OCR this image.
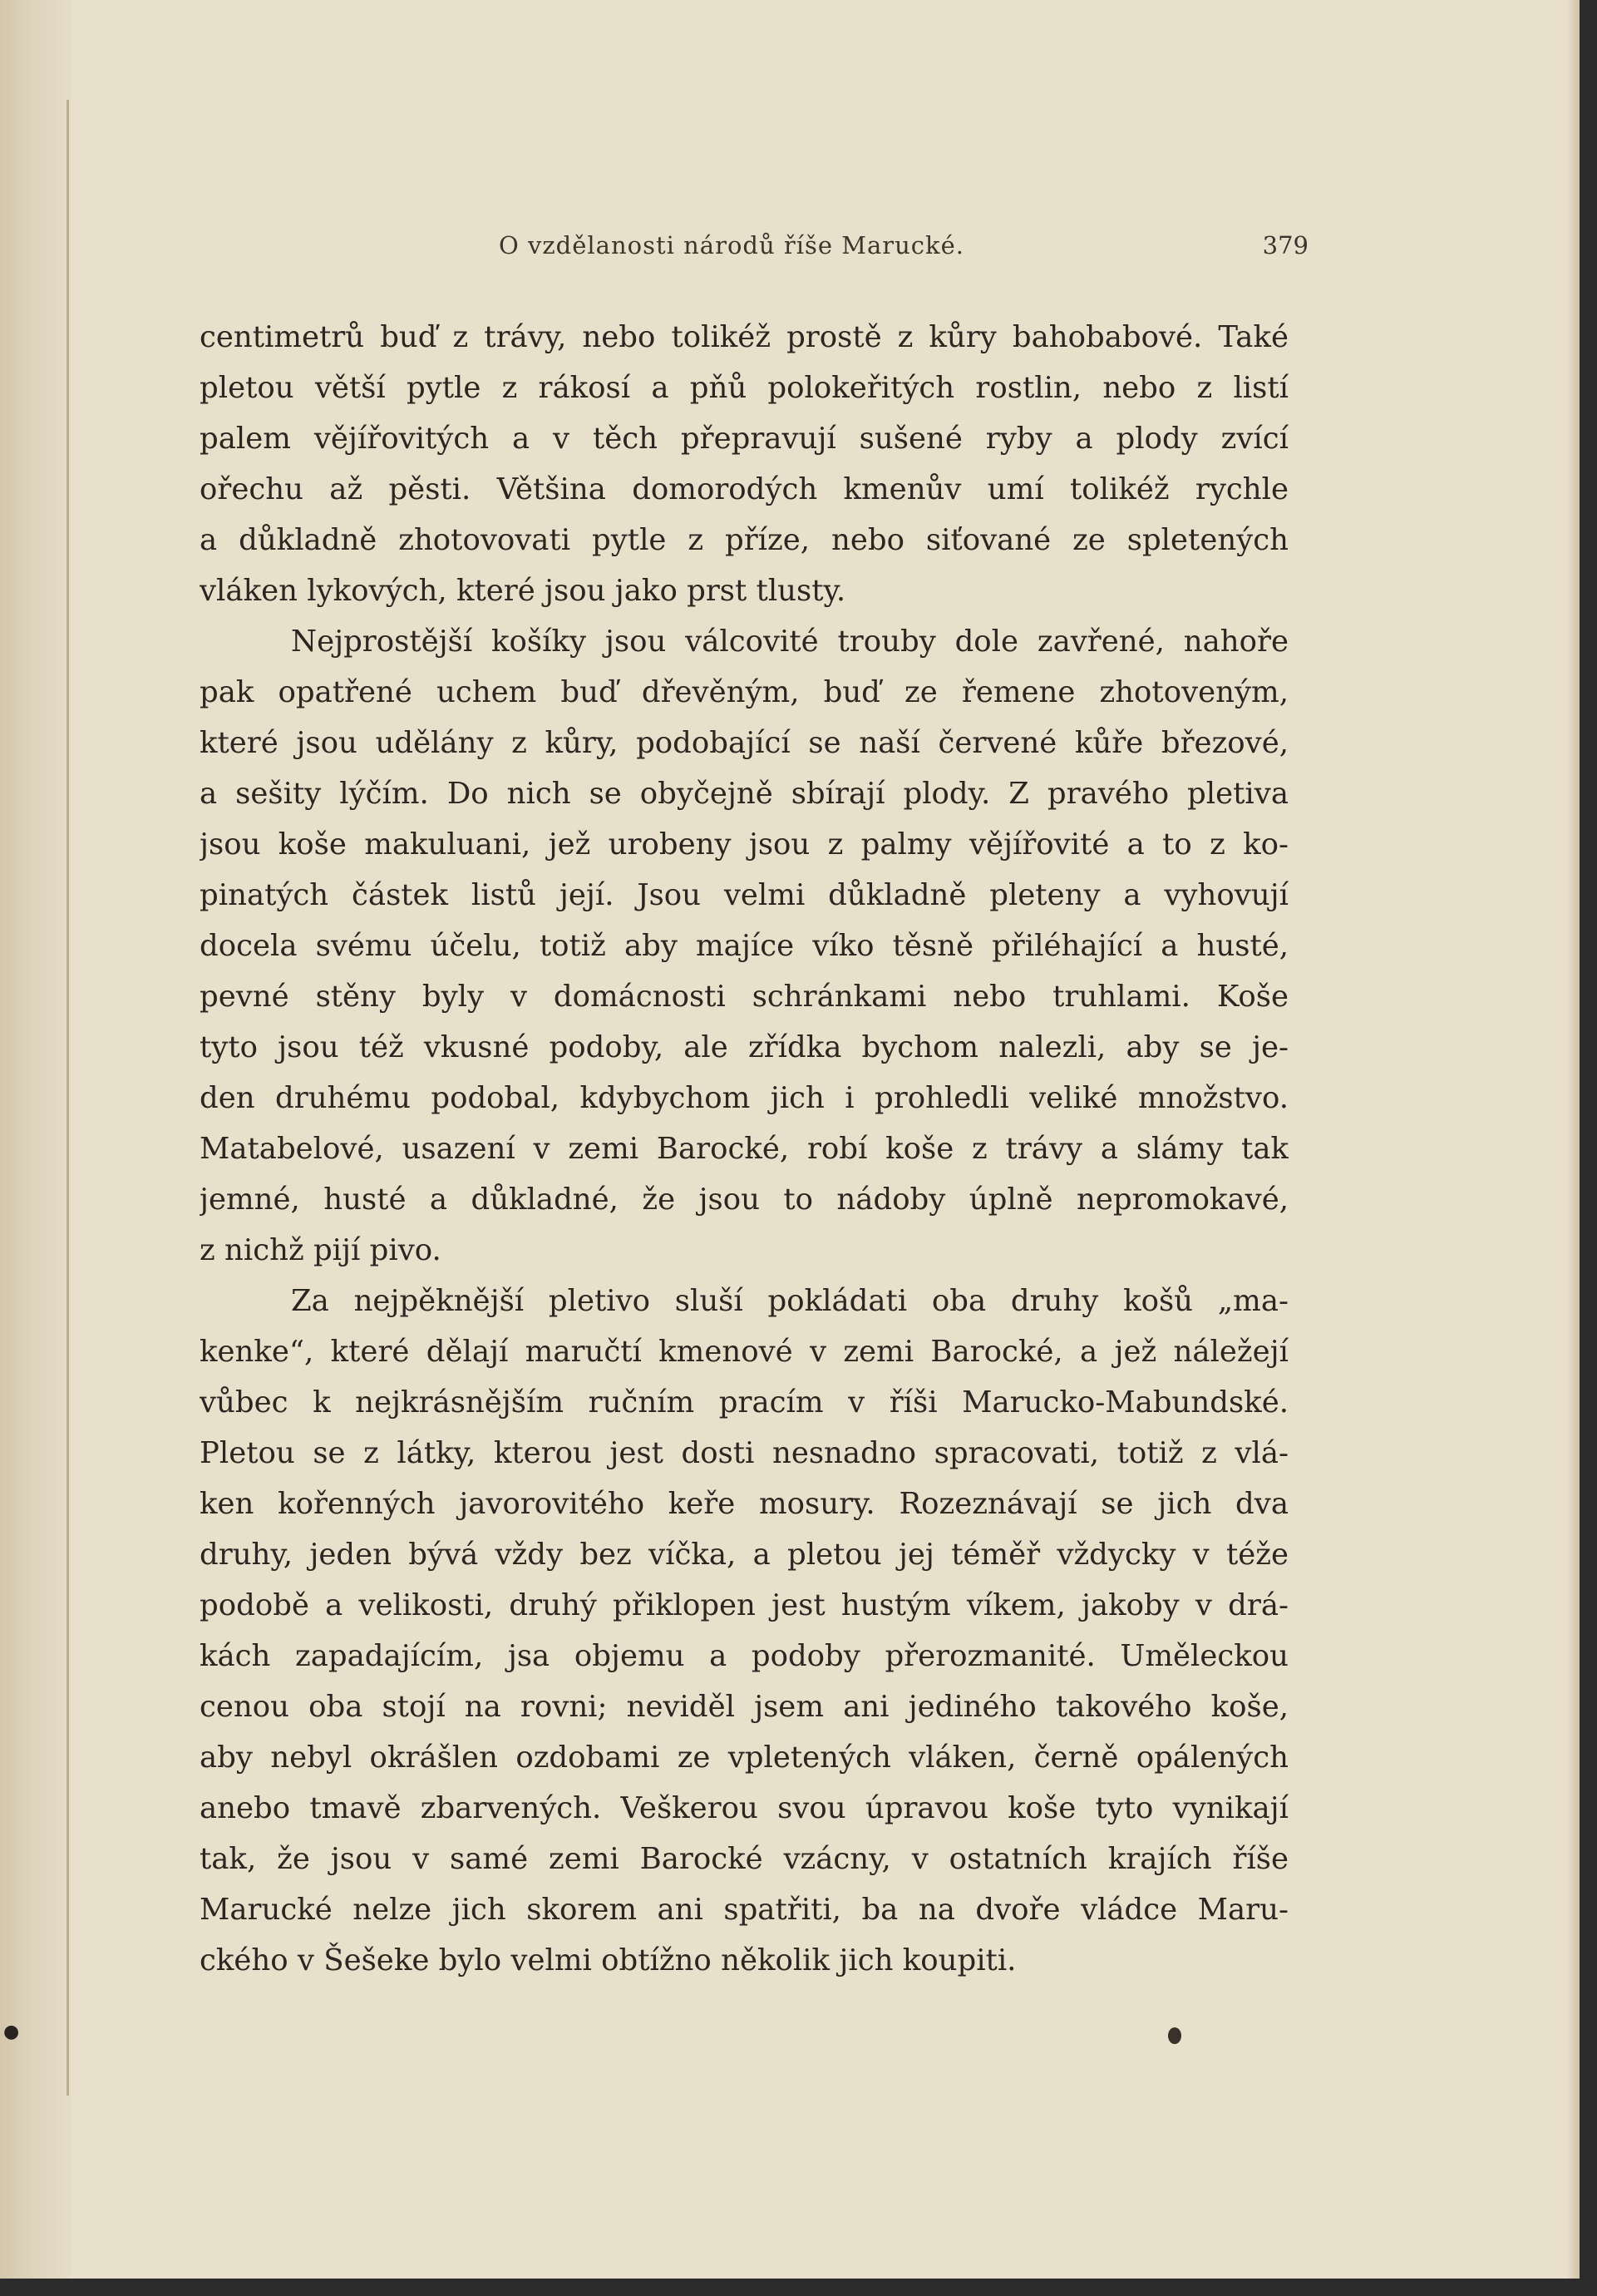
O vzdělanosti národů říše Marucké.	379
centimetrů buď z trávy, nebo tolikéž prostě z kůry bahobabové. Také
pletou větší pytle z rákosí a pňů polokeřitých rostlin, nebo z listí
palem vějířovitých a v těch přepravují sušené ryby a plody zvící
ořechu až pěsti. Většina domorodých kmenův umí tolikéž rychle
a důkladně zhotovovati pytle z příze, nebo siťované ze spletených
vláken lykových, které jsou jako prst tlusty.
Nejprostější košíky jsou válcovité trouby dole zavřené, nahoře
pak opatřené uchem buď dřevěným, buď ze řemene zhotoveným,
které jsou udělány z kůry, podobající se naší červené kůře březové,
a sešity lýčím. Do nich se obyčejně sbírají plody. Z pravého pletiva
jsou koše makuluani, jež urobeny jsou z palmy vějířovité a to z ko-
pinatých částek listů její. Jsou velmi důkladně pleteny a vyhovují
docela svému účelu, totiž aby majíce víko těsně přiléhající a husté,
pevné stěny byly v domácnosti schránkami nebo truhlami. Koše
tyto jsou též vkusné podoby, ale zřídka bychom nalezli, aby se je-
den druhému podobal, kdybychom jich i prohledli veliké množstvo.
Matabelové, usazení v zemi Barocké, robí koše z trávy a slámy tak
jemné, husté a důkladné, že jsou to nádoby úplně nepromokavé,
z nichž pijí pivo.
Za nejpěknější pletivo sluší pokládati oba druhy košů „ma-
kenke“, které dělají maručtí kmenové v zemi Barocké, a jež náležejí
vůbec k nejkrásnějším ručním pracím v říši Marucko-Mabundské.
Pletou se z látky, kterou jest dosti nesnadno spracovati, totiž z vlá-
ken kořenných javorovitého keře mosury. Rozeznávají se jich dva
druhy, jeden bývá vždy bez víčka, a pletou jej téměř vždycky v téže
podobě a velikosti, druhý přiklopen jest hustým víkem, jakoby v drá-
kách zapadajícím, jsa objemu a podoby přerozmanité. Uměleckou
cenou oba stojí na rovni; neviděl jsem ani jediného takového koše,
aby nebyl okrášlen ozdobami ze vpletených vláken, černě opálených
anebo tmavě zbarvených. Veškerou svou úpravou koše tyto vynikají
tak, že jsou v samé zemi Barocké vzácny, v ostatních krajích říše
Marucké nelze jich skorem ani spatřiti, ba na dvoře vládce Maru-
ckého v Šešeke bylo velmi obtížno několik jich koupiti.
●
